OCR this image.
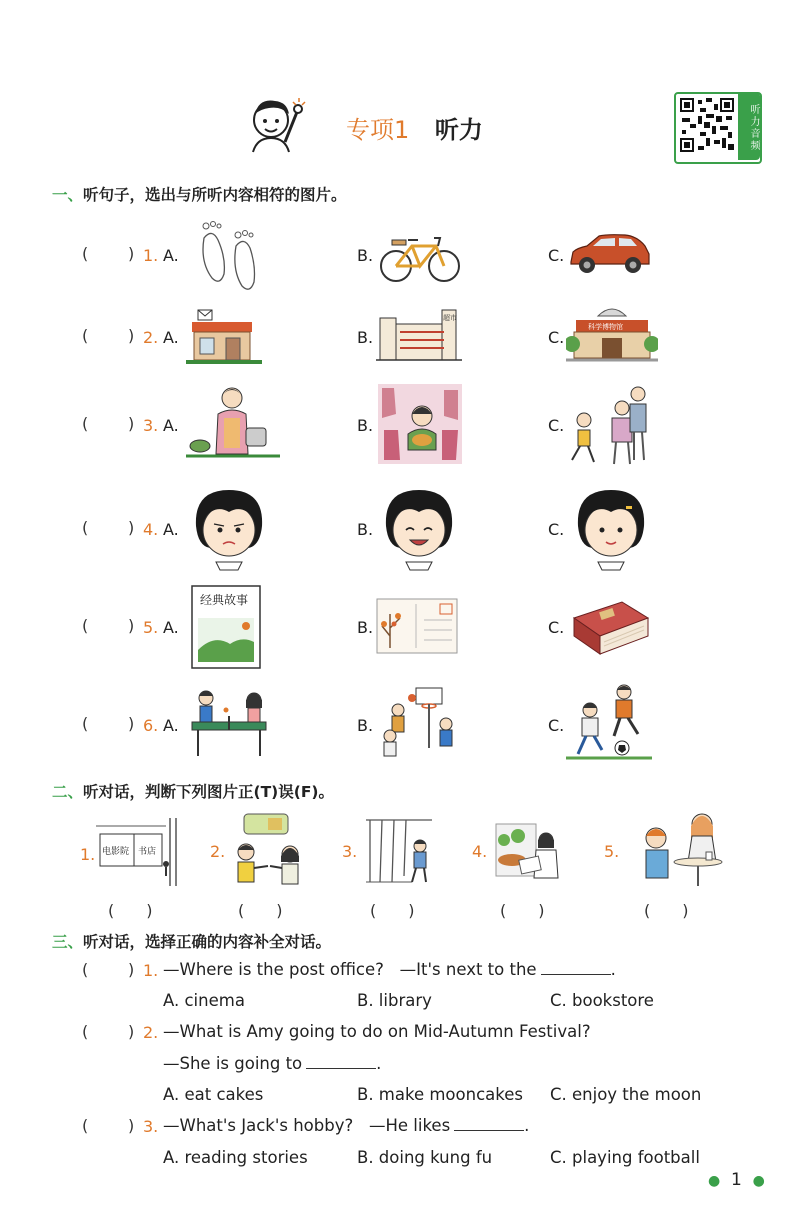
专项1 听力	听力音频
一、听句子，选出与所听内容相符的图片。
( ) 1. A.	B.	C.
( ) 2. A.	B.
超市
C.
科学博物馆
( ) 3. A.	B.	C.
( ) 4. A.	B.	C.
( ) 5. A.
经典故事
B.	C.
( ) 6. A.	B.	C.
二、听对话，判断下列图片正(T)误(F)。
1. 电影院 书店
(　　)
2.
(　　)
3.
(　　)
4.
(　　)
5.
(　　)
三、听对话，选择正确的内容补全对话。
( ) 1. —Where is the post office? —It's next to the	.
A. cinema	B. library	C. bookstore
( ) 2. —What is Amy going to do on Mid-Autumn Festival?
—She is going to	.
A. eat cakes	B. make mooncakes C. enjoy the moon
( ) 3. —What's Jack's hobby? —He likes	.
A. reading stories	B. doing kung fu	C. playing football
● 1 ●
